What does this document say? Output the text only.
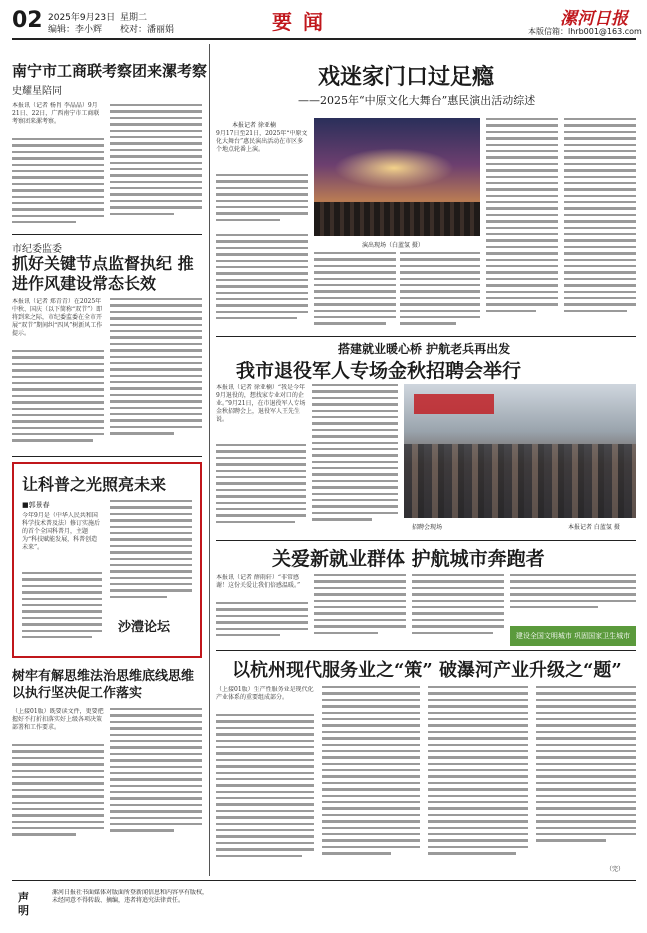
02 2025年9月23日 星期二
编辑：李小辉 校对：潘丽娟	要 闻	漯河日报
本版信箱：lhrb001@163.com
南宁市工商联考察团来漯考察
史耀星陪同
本报讯（记者 杨肖 李晶晶）9月21日、22日，广西南宁市工商联考察团来漯考察。
市纪委监委
抓好关键节点监督执纪 推进作风建设常态长效
本报讯（记者 郑青青）在2025年中秋、国庆（以下简称“双节”）即将到来之际，市纪委监委在全市开展“双节”期间纠“四风”树新风工作提示。
让科普之光照亮未来
■郭景春
今年9月是（中华人民共和国科学技术普及法）修订实施后的首个全国科普月，主题为“科技赋能发展，科普创造未来”。
沙澧论坛
树牢有解思维法治思维底线思维 以执行坚决促工作落实
（上接01版）既要读文件，更要把握好不打折扣落实好上级各项决策部署和工作要求。
声 明
漯河日报社书面媒体对版面所登新闻信息和内容享有版权，未经同意不得转载、摘编，违者将追究法律责任。
戏迷家门口过足瘾
——2025年“中原文化大舞台”惠民演出活动综述
本报记者 徐亚楠
9月17日至21日，2025年“中原文化大舞台”惠民演出活动在市区多个地点轮番上演。
演出现场（白蓝氢 摄）
搭建就业暖心桥 护航老兵再出发
我市退役军人专场金秋招聘会举行
本报讯（记者 徐亚楠）“我是今年9月退役的，想找家专业对口的企业。”9月21日，在市退役军人专场金秋招聘会上，退役军人王先生说。
招聘会现场	本报记者 白蓝氢 摄
关爱新就业群体 护航城市奔跑者
本报讯（记者 薛雨轩）“非常感谢！这份关爱让我们倍感温暖。”
建设全国文明城市 巩固国家卫生城市
以杭州现代服务业之“策” 破瀑河产业升级之“题”
（上接01版）生产性服务业是现代化产业体系的重要组成部分。
（完）
